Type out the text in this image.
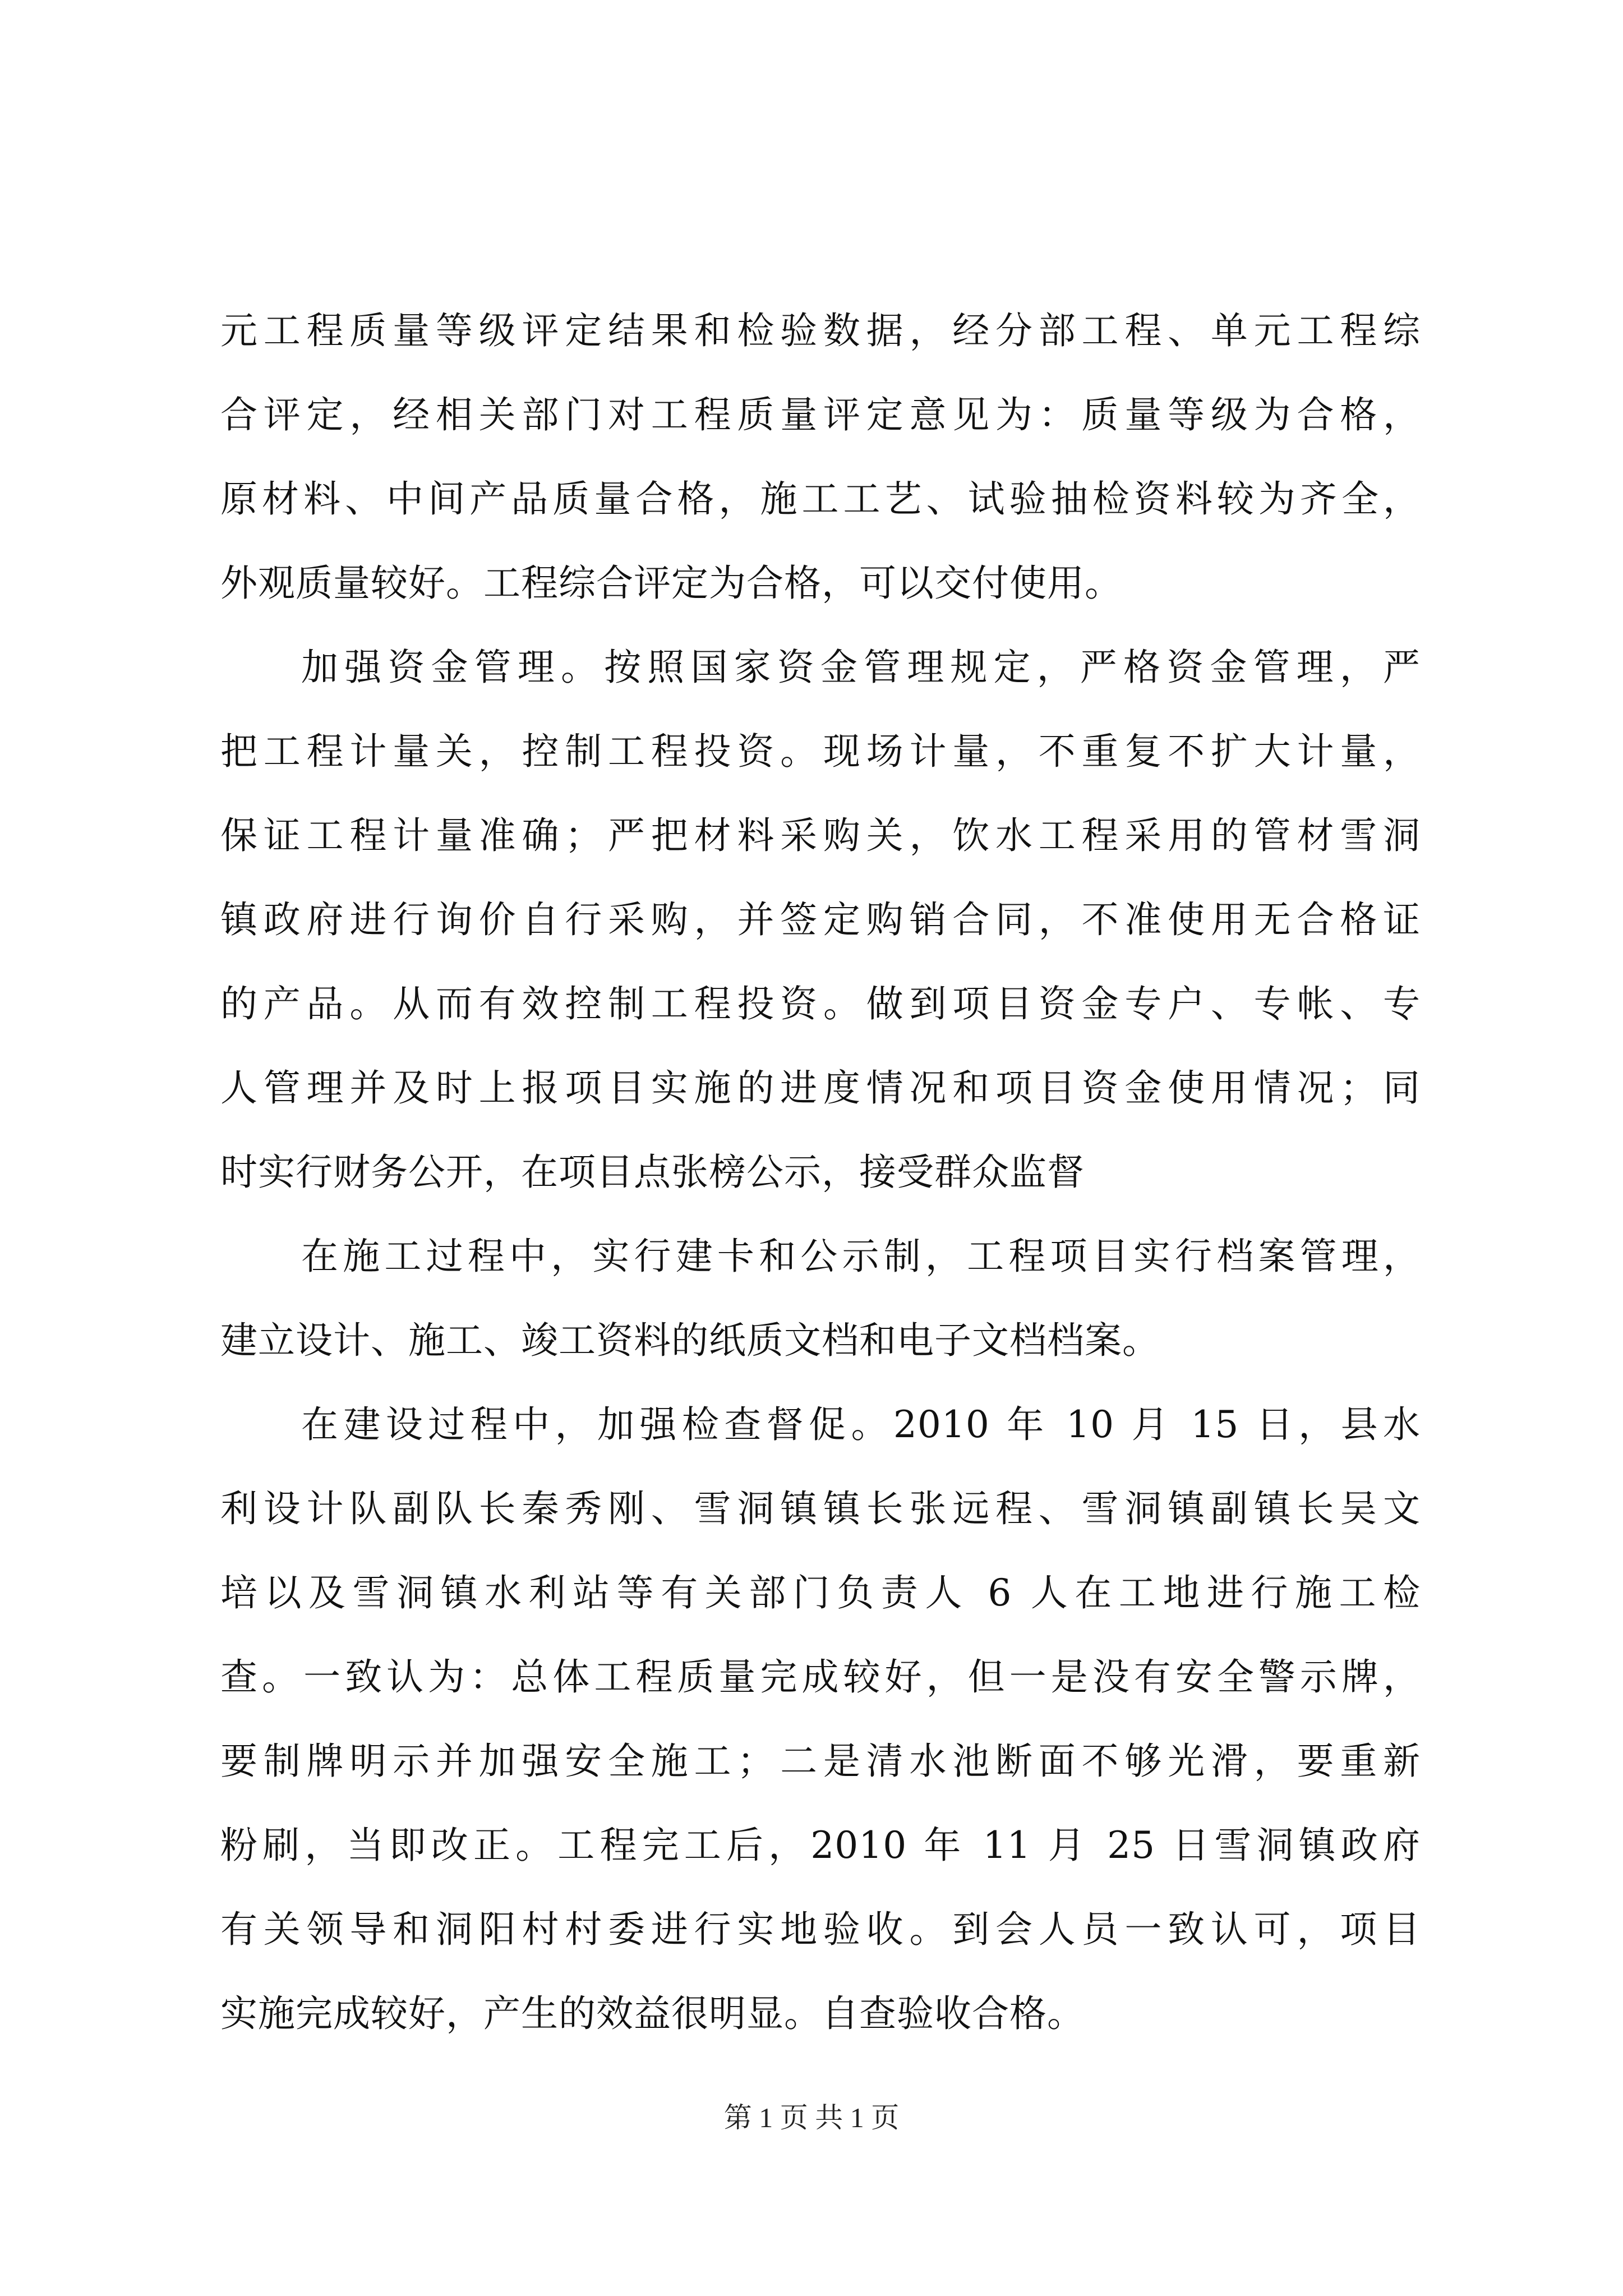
元工程质量等级评定结果和检验数据，经分部工程、单元工程综
合评定，经相关部门对工程质量评定意见为：质量等级为合格，
原材料、中间产品质量合格，施工工艺、试验抽检资料较为齐全，
外观质量较好。工程综合评定为合格，可以交付使用。
加强资金管理。按照国家资金管理规定，严格资金管理，严
把工程计量关，控制工程投资。现场计量，不重复不扩大计量，
保证工程计量准确；严把材料采购关，饮水工程采用的管材雪洞
镇政府进行询价自行采购，并签定购销合同，不准使用无合格证
的产品。从而有效控制工程投资。做到项目资金专户、专帐、专
人管理并及时上报项目实施的进度情况和项目资金使用情况；同
时实行财务公开，在项目点张榜公示，接受群众监督
在施工过程中，实行建卡和公示制，工程项目实行档案管理，
建立设计、施工、竣工资料的纸质文档和电子文档档案。
在建设过程中，加强检查督促。2010 年 10 月 15 日，县水
利设计队副队长秦秀刚、雪洞镇镇长张远程、雪洞镇副镇长吴文
培以及雪洞镇水利站等有关部门负责人 6 人在工地进行施工检
查。一致认为：总体工程质量完成较好，但一是没有安全警示牌，
要制牌明示并加强安全施工；二是清水池断面不够光滑，要重新
粉刷，当即改正。工程完工后，2010 年 11 月 25 日雪洞镇政府
有关领导和洞阳村村委进行实地验收。到会人员一致认可，项目
实施完成较好，产生的效益很明显。自查验收合格。
第 1 页 共 1 页
